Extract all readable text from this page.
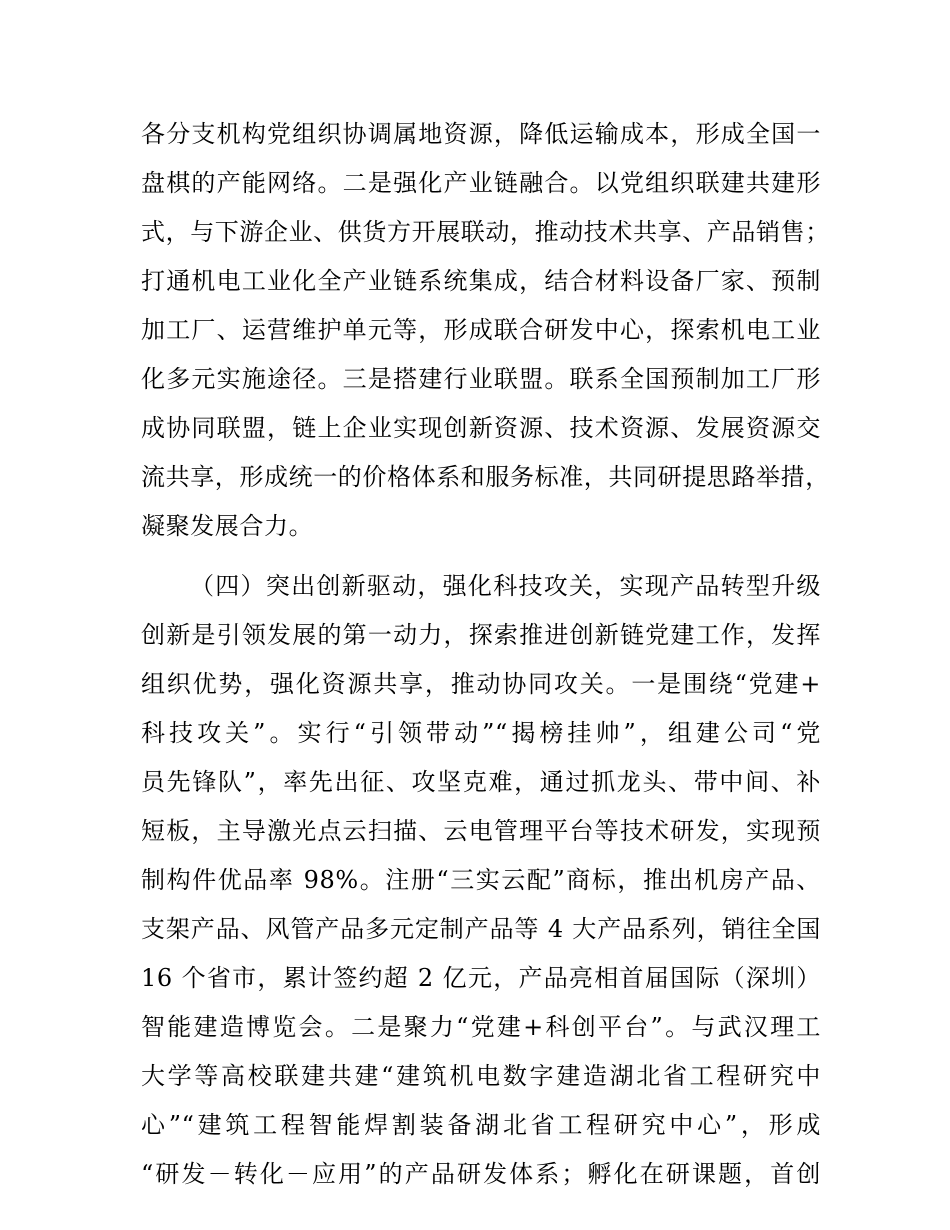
各分支机构党组织协调属地资源，降低运输成本，形成全国一
盘棋的产能网络。二是强化产业链融合。以党组织联建共建形
式，与下游企业、供货方开展联动，推动技术共享、产品销售；
打通机电工业化全产业链系统集成，结合材料设备厂家、预制
加工厂、运营维护单元等，形成联合研发中心，探索机电工业
化多元实施途径。三是搭建行业联盟。联系全国预制加工厂形
成协同联盟，链上企业实现创新资源、技术资源、发展资源交
流共享，形成统一的价格体系和服务标准，共同研提思路举措，
凝聚发展合力。
（四）突出创新驱动，强化科技攻关，实现产品转型升级
创新是引领发展的第一动力，探索推进创新链党建工作，发挥
组织优势，强化资源共享，推动协同攻关。一是围绕“党建+
科技攻关”。实行“引领带动”“揭榜挂帅”，组建公司“党
员先锋队”，率先出征、攻坚克难，通过抓龙头、带中间、补
短板，主导激光点云扫描、云电管理平台等技术研发，实现预
制构件优品率 98%。注册“三实云配”商标，推出机房产品、
支架产品、风管产品多元定制产品等 4 大产品系列，销往全国
16 个省市，累计签约超 2 亿元，产品亮相首届国际（深圳）
智能建造博览会。二是聚力“党建+科创平台”。与武汉理工
大学等高校联建共建“建筑机电数字建造湖北省工程研究中
心”“建筑工程智能焊割装备湖北省工程研究中心”，形成
“研发－转化－应用”的产品研发体系；孵化在研课题，首创
